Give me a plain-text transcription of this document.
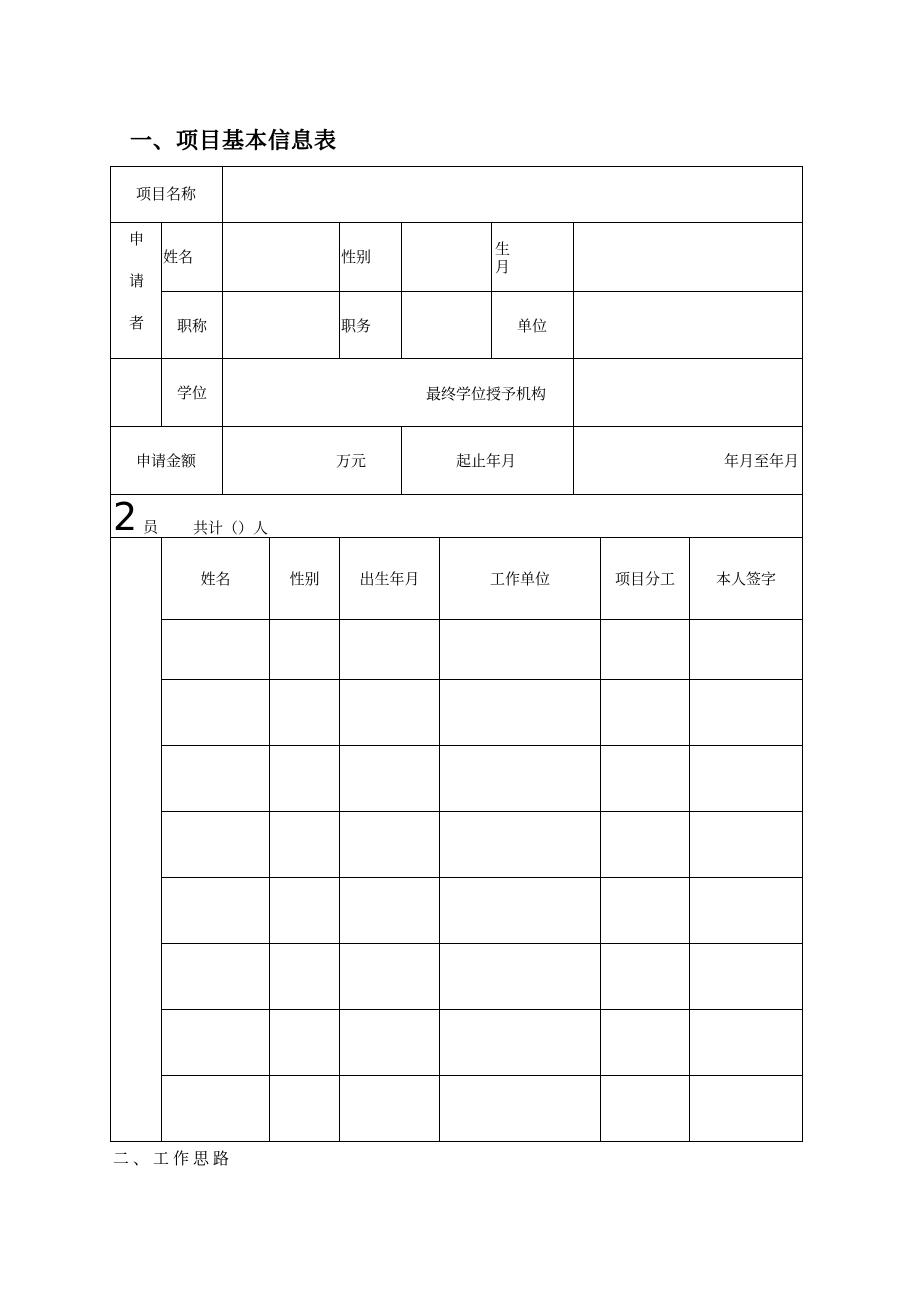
一、项目基本信息表
项目名称
申
请
者
姓名	性别	生
月
职称	职务	单位
学位	最终学位授予机构
申请金额	万元	起止年月	年月至年月
2 员 共计（）人
姓名	性别	出生年月	工作单位	项目分工	本人签字
二、工作思路
